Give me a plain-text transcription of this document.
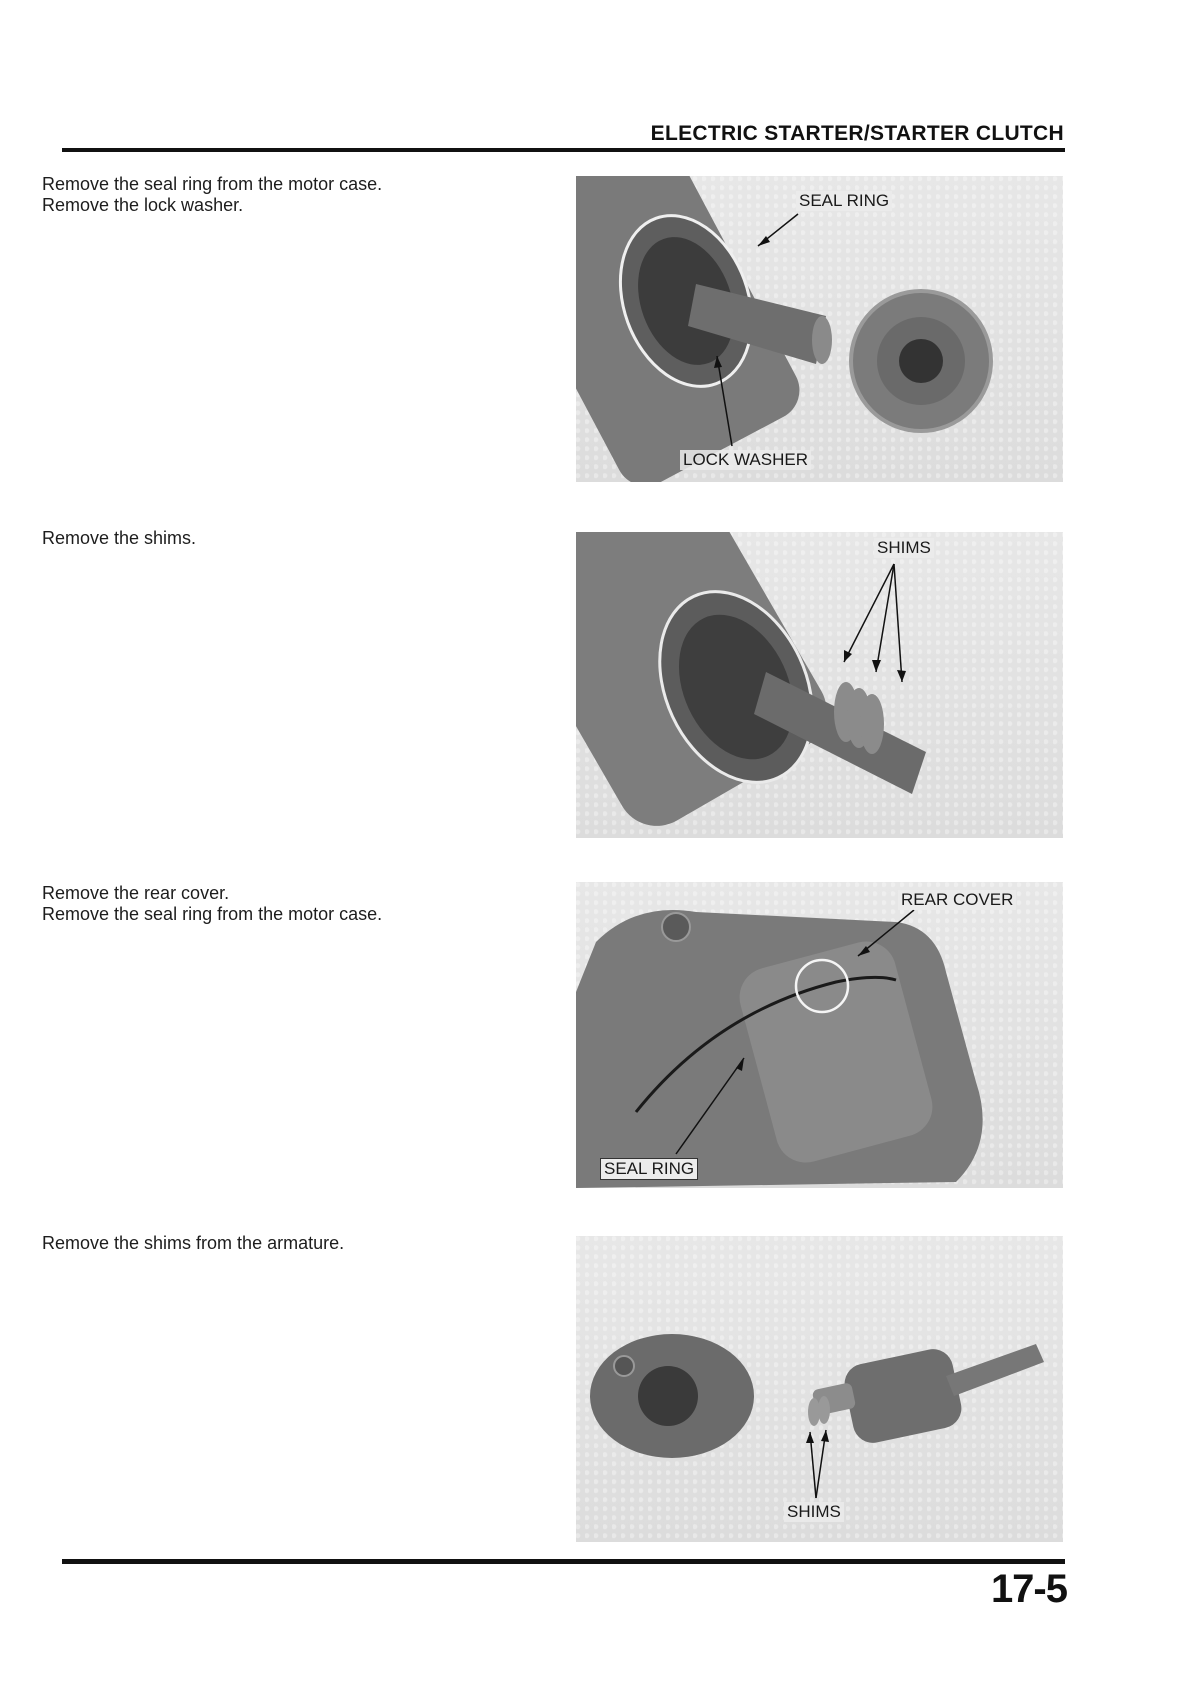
ELECTRIC STARTER/STARTER CLUTCH
Remove the seal ring from the motor case.
Remove the lock washer.	SEAL RING
LOCK WASHER
Remove the shims.	SHIMS
Remove the rear cover.
Remove the seal ring from the motor case.
REAR COVER
SEAL RING
Remove the shims from the armature.
SHIMS
17-5
